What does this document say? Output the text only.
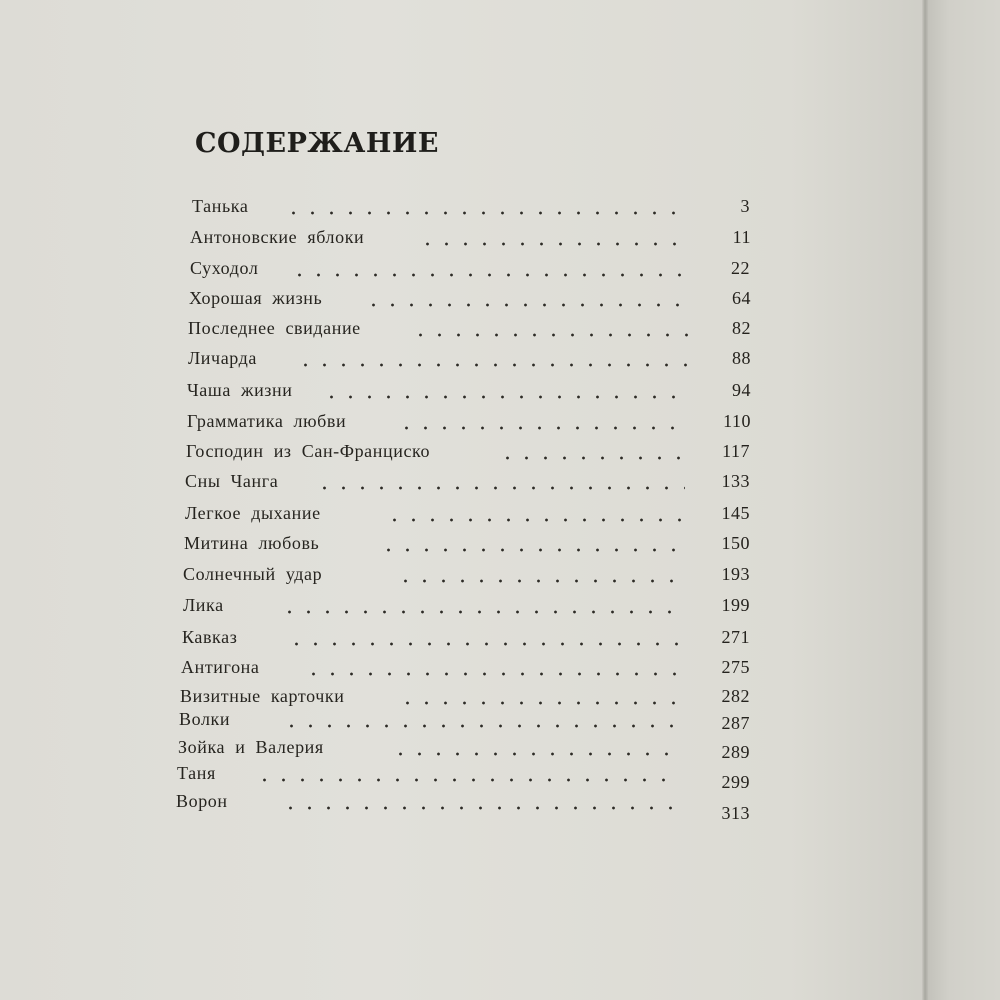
СОДЕРЖАНИЕ
Танька
Антоновские яблоки
Суходол
Хорошая жизнь
Последнее свидание
Личарда
Чаша жизни
Грамматика любви
Господин из Сан-Франциско
Сны Чанга
Легкое дыхание
Митина любовь
Солнечный удар
Лика
Кавказ
Антигона
Визитные карточки
Волки
Зойка и Валерия
Таня
Ворон
3
11
22
64
82
88
94
110
117
133
145
150
193
199
271
275
282
287
289
299
313
